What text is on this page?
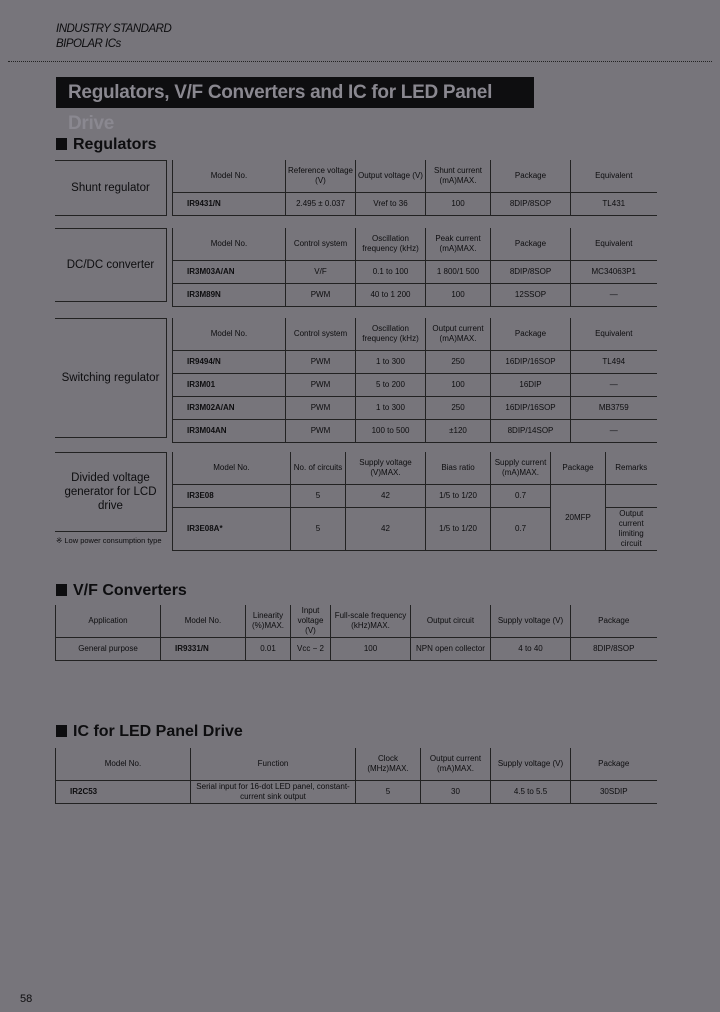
INDUSTRY STANDARD
BIPOLAR ICs
Regulators, V/F Converters and IC for LED Panel Drive
Regulators
Shunt regulator
Model No.	Reference voltage (V)	Output voltage (V)	Shunt current (mA)MAX.	Package	Equivalent
IR9431/N	2.495 ± 0.037	Vref to 36	100	8DIP/8SOP	TL431
DC/DC converter
Model No.	Control system	Oscillation frequency (kHz)	Peak current (mA)MAX.	Package	Equivalent
IR3M03A/AN	V/F	0.1 to 100	1 800/1 500	8DIP/8SOP	MC34063P1
IR3M89N	PWM	40 to 1 200	100	12SSOP	—
Switching regulator
Model No.	Control system	Oscillation frequency (kHz)	Output current (mA)MAX.	Package	Equivalent
IR9494/N	PWM	1 to 300	250	16DIP/16SOP	TL494
IR3M01	PWM	5 to 200	100	16DIP	—
IR3M02A/AN	PWM	1 to 300	250	16DIP/16SOP	MB3759
IR3M04AN	PWM	100 to 500	±120	8DIP/14SOP	—
Divided voltage generator for LCD drive
Model No.	No. of circuits	Supply voltage (V)MAX.	Bias ratio	Supply current (mA)MAX.	Package	Remarks
IR3E08	5	42	1/5 to 1/20	0.7	20MFP	
IR3E08A*	5	42	1/5 to 1/20	0.7		Output current limiting circuit
※ Low power consumption type
V/F Converters
Application	Model No.	Linearity (%)MAX.	Input voltage (V)	Full-scale frequency (kHz)MAX.	Output circuit	Supply voltage (V)	Package
General purpose	IR9331/N	0.01	Vcc − 2	100	NPN open collector	4 to 40	8DIP/8SOP
IC for LED Panel Drive
Model No.	Function	Clock (MHz)MAX.	Output current (mA)MAX.	Supply voltage (V)	Package
IR2C53	Serial input for 16-dot LED panel, constant-current sink output	5	30	4.5 to 5.5	30SDIP
58
